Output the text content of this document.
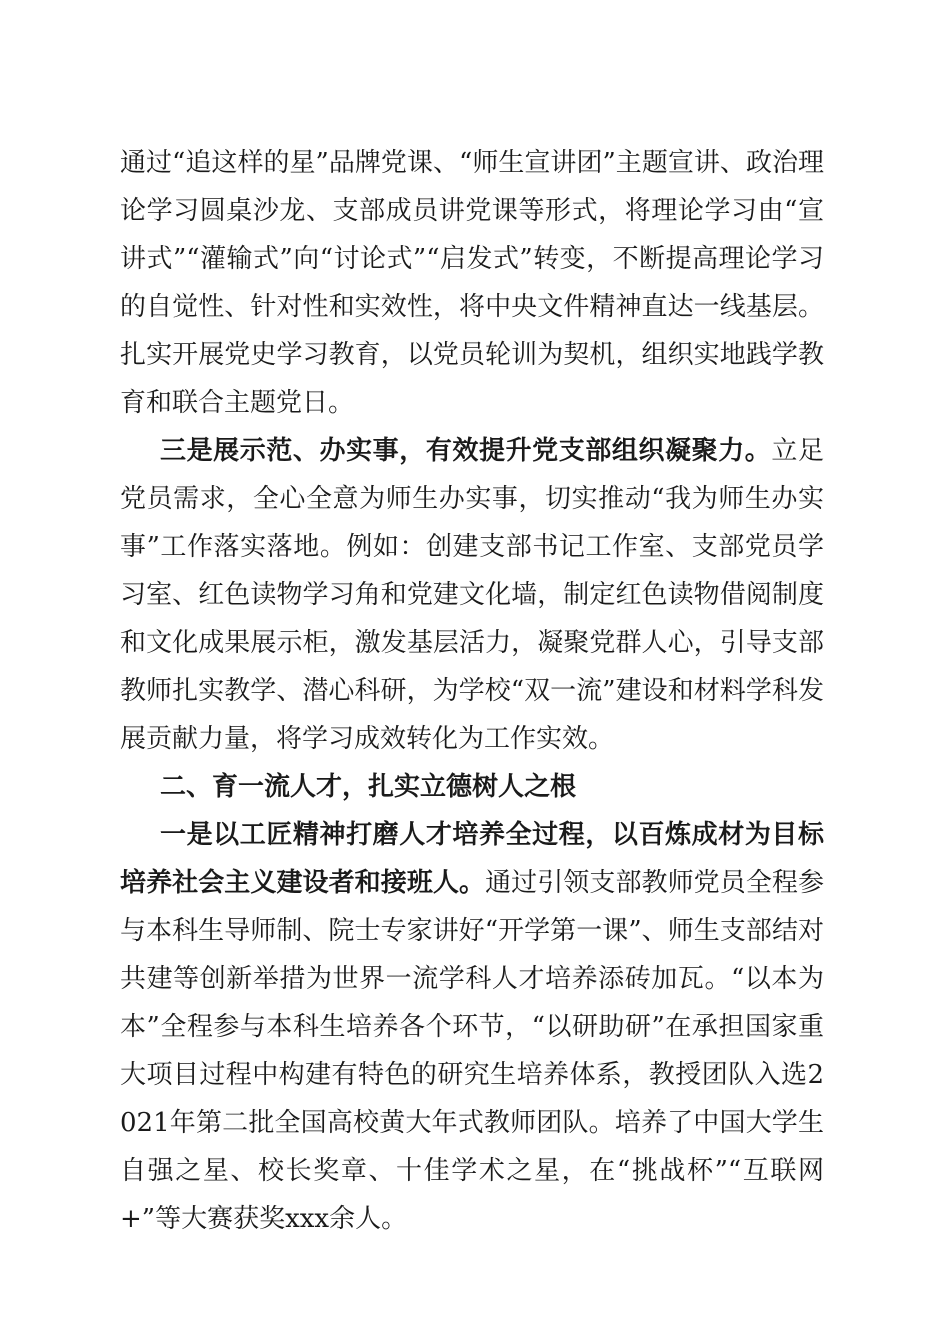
通过“追这样的星”品牌党课、“师生宣讲团”主题宣讲、政治理论学习圆桌沙龙、支部成员讲党课等形式，将理论学习由“宣讲式”“灌输式”向“讨论式”“启发式”转变，不断提高理论学习的自觉性、针对性和实效性，将中央文件精神直达一线基层。扎实开展党史学习教育，以党员轮训为契机，组织实地践学教育和联合主题党日。

三是展示范、办实事，有效提升党支部组织凝聚力。立足党员需求，全心全意为师生办实事，切实推动“我为师生办实事”工作落实落地。例如：创建支部书记工作室、支部党员学习室、红色读物学习角和党建文化墙，制定红色读物借阅制度和文化成果展示柜，激发基层活力，凝聚党群人心，引导支部教师扎实教学、潜心科研，为学校“双一流”建设和材料学科发展贡献力量，将学习成效转化为工作实效。

二、育一流人才，扎实立德树人之根

一是以工匠精神打磨人才培养全过程，以百炼成材为目标培养社会主义建设者和接班人。通过引领支部教师党员全程参与本科生导师制、院士专家讲好“开学第一课”、师生支部结对共建等创新举措为世界一流学科人才培养添砖加瓦。“以本为本”全程参与本科生培养各个环节，“以研助研”在承担国家重大项目过程中构建有特色的研究生培养体系，教授团队入选2021年第二批全国高校黄大年式教师团队。培养了中国大学生自强之星、校长奖章、十佳学术之星，在“挑战杯”“互联网+”等大赛获奖xxx余人。
